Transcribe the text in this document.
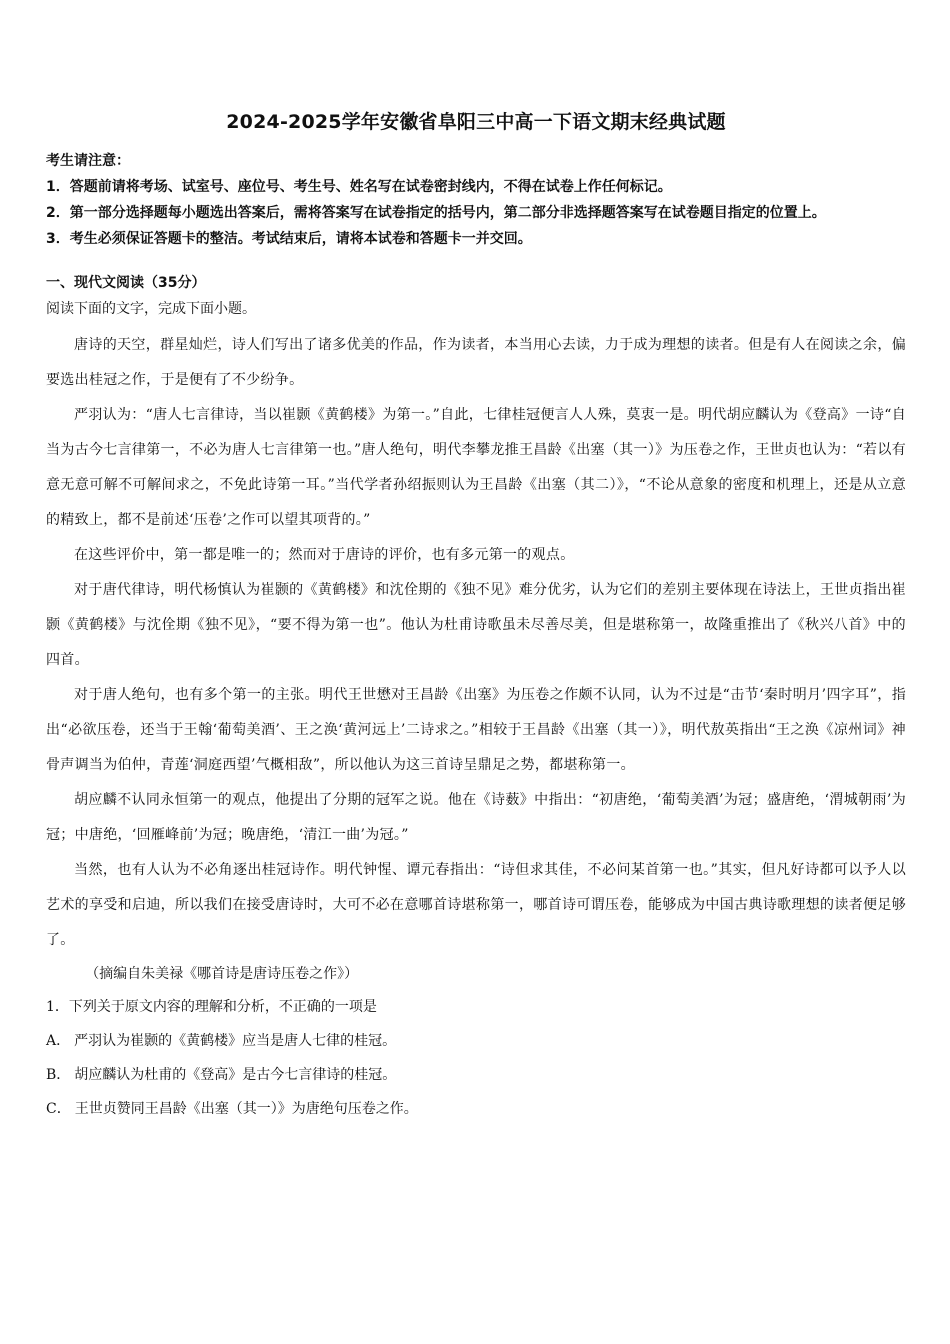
2024-2025学年安徽省阜阳三中高一下语文期末经典试题
考生请注意：
1．答题前请将考场、试室号、座位号、考生号、姓名写在试卷密封线内，不得在试卷上作任何标记。
2．第一部分选择题每小题选出答案后，需将答案写在试卷指定的括号内，第二部分非选择题答案写在试卷题目指定的位置上。
3．考生必须保证答题卡的整洁。考试结束后，请将本试卷和答题卡一并交回。
一、现代文阅读（35分）
阅读下面的文字，完成下面小题。

唐诗的天空，群星灿烂，诗人们写出了诸多优美的作品，作为读者，本当用心去读，力于成为理想的读者。但是有人在阅读之余，偏要选出桂冠之作，于是便有了不少纷争。

严羽认为：“唐人七言律诗，当以崔颢《黄鹤楼》为第一。”自此，七律桂冠便言人人殊，莫衷一是。明代胡应麟认为《登高》一诗“自当为古今七言律第一，不必为唐人七言律第一也。”唐人绝句，明代李攀龙推王昌龄《出塞（其一）》为压卷之作，王世贞也认为：“若以有意无意可解不可解间求之，不免此诗第一耳。”当代学者孙绍振则认为王昌龄《出塞（其二）》，“不论从意象的密度和机理上，还是从立意的精致上，都不是前述‘压卷’之作可以望其项背的。”

在这些评价中，第一都是唯一的；然而对于唐诗的评价，也有多元第一的观点。

对于唐代律诗，明代杨慎认为崔颢的《黄鹤楼》和沈佺期的《独不见》难分优劣，认为它们的差别主要体现在诗法上，王世贞指出崔颢《黄鹤楼》与沈佺期《独不见》，“要不得为第一也”。他认为杜甫诗歌虽未尽善尽美，但是堪称第一，故隆重推出了《秋兴八首》中的四首。

对于唐人绝句，也有多个第一的主张。明代王世懋对王昌龄《出塞》为压卷之作颇不认同，认为不过是“击节‘秦时明月’四字耳”，指出“必欲压卷，还当于王翰‘葡萄美酒’、王之涣‘黄河远上’二诗求之。”相较于王昌龄《出塞（其一）》，明代敖英指出“王之涣《凉州词》神骨声调当为伯仲，青莲‘洞庭西望’气概相敌”，所以他认为这三首诗呈鼎足之势，都堪称第一。

胡应麟不认同永恒第一的观点，他提出了分期的冠军之说。他在《诗薮》中指出：“初唐绝，‘葡萄美酒’为冠；盛唐绝，‘渭城朝雨’为冠；中唐绝，‘回雁峰前’为冠；晚唐绝，‘清江一曲’为冠。”

当然，也有人认为不必角逐出桂冠诗作。明代钟惺、谭元春指出：“诗但求其佳，不必问某首第一也。”其实，但凡好诗都可以予人以艺术的享受和启迪，所以我们在接受唐诗时，大可不必在意哪首诗堪称第一，哪首诗可谓压卷，能够成为中国古典诗歌理想的读者便足够了。

（摘编自朱美禄《哪首诗是唐诗压卷之作》）
1．下列关于原文内容的理解和分析，不正确的一项是
A． 严羽认为崔颢的《黄鹤楼》应当是唐人七律的桂冠。
B． 胡应麟认为杜甫的《登高》是古今七言律诗的桂冠。
C． 王世贞赞同王昌龄《出塞（其一）》为唐绝句压卷之作。
